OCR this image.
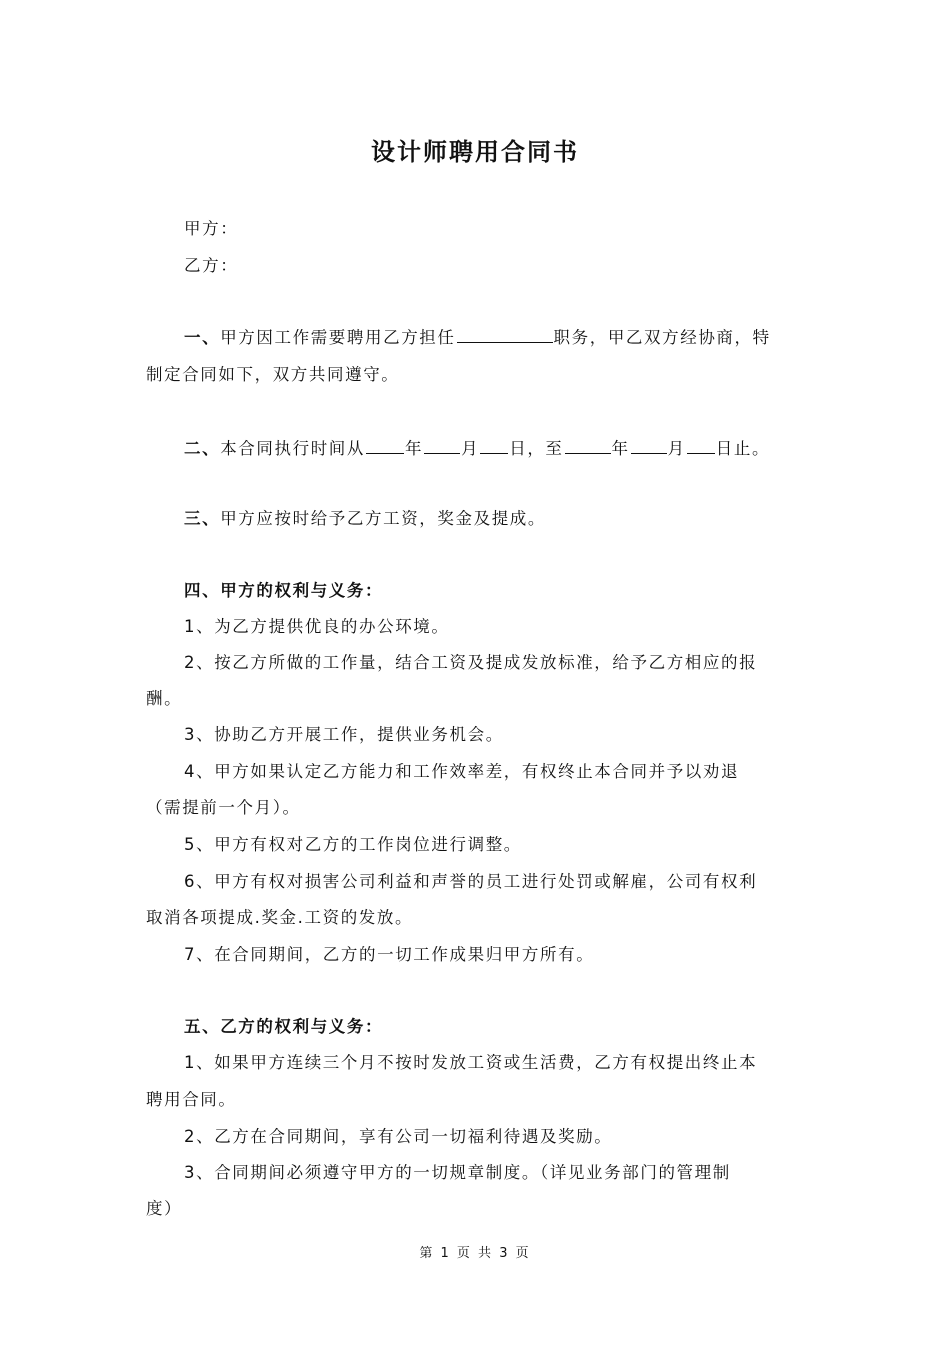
设计师聘用合同书
甲方：
乙方：
一、甲方因工作需要聘用乙方担任	职务，甲乙双方经协商，特
制定合同如下，双方共同遵守。
二、本合同执行时间从 年 月 日，至	年 月 日止。
三、甲方应按时给予乙方工资，奖金及提成。
四、甲方的权利与义务：
1、为乙方提供优良的办公环境。
2、按乙方所做的工作量，结合工资及提成发放标准，给予乙方相应的报
酬。
3、协助乙方开展工作，提供业务机会。
4、甲方如果认定乙方能力和工作效率差，有权终止本合同并予以劝退
（需提前一个月）。
5、甲方有权对乙方的工作岗位进行调整。
6、甲方有权对损害公司利益和声誉的员工进行处罚或解雇，公司有权利
取消各项提成.奖金.工资的发放。
7、在合同期间，乙方的一切工作成果归甲方所有。
五、乙方的权利与义务：
1、如果甲方连续三个月不按时发放工资或生活费，乙方有权提出终止本
聘用合同。
2、乙方在合同期间，享有公司一切福利待遇及奖励。
3、合同期间必须遵守甲方的一切规章制度。（详见业务部门的管理制
度）
第 1 页 共 3 页
